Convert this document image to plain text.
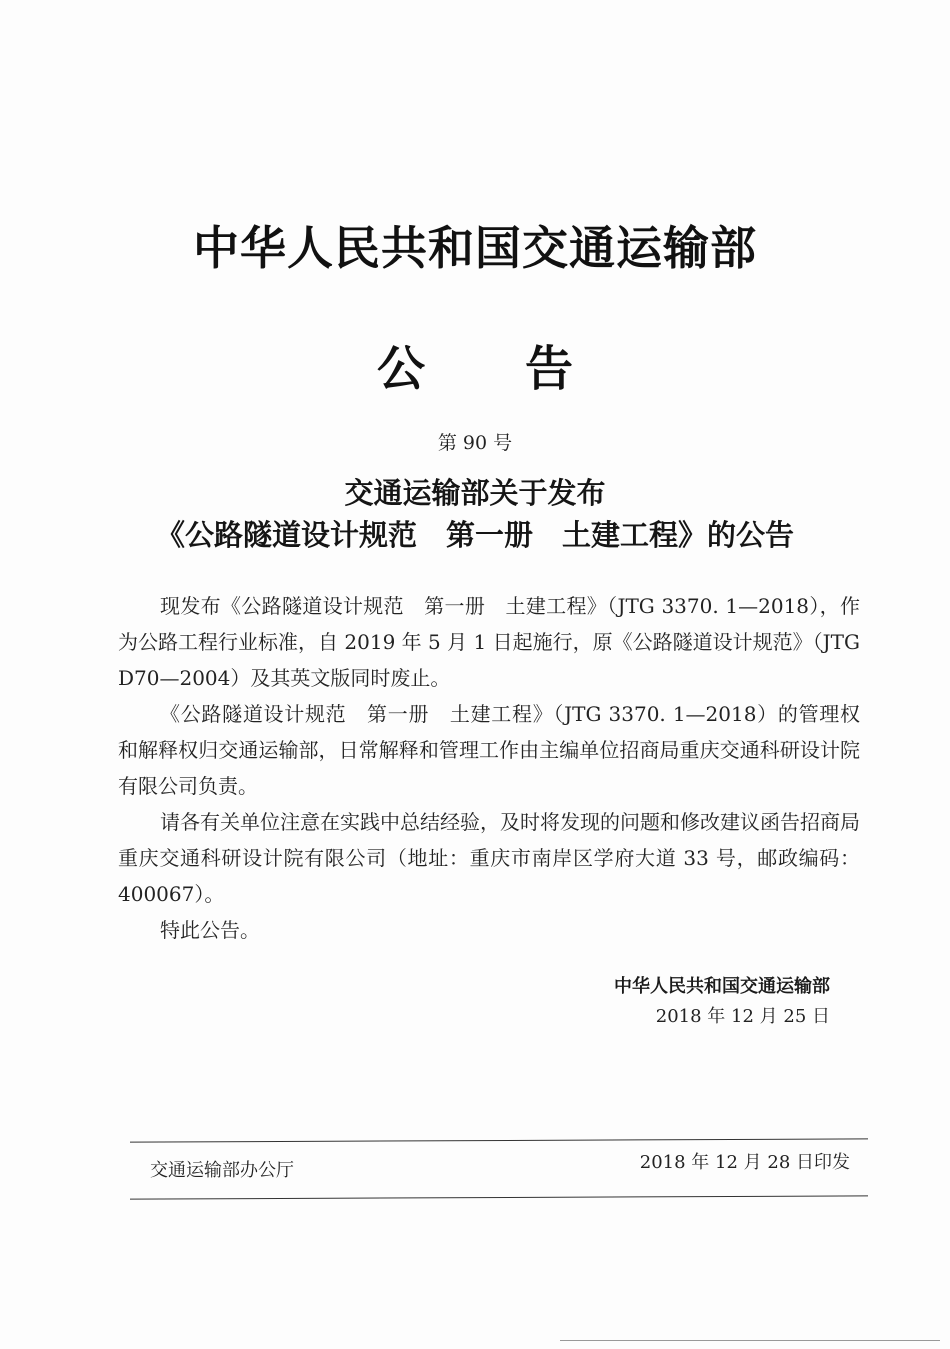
中华人民共和国交通运输部
公 告
第 90 号
交通运输部关于发布
《公路隧道设计规范　第一册　土建工程》的公告

现发布《公路隧道设计规范　第一册　土建工程》（JTG 3370. 1—2018），作为公路工程行业标准，自 2019 年 5 月 1 日起施行，原《公路隧道设计规范》（JTG D70—2004）及其英文版同时废止。

《公路隧道设计规范　第一册　土建工程》（JTG 3370. 1—2018）的管理权和解释权归交通运输部，日常解释和管理工作由主编单位招商局重庆交通科研设计院有限公司负责。

请各有关单位注意在实践中总结经验，及时将发现的问题和修改建议函告招商局重庆交通科研设计院有限公司（地址：重庆市南岸区学府大道 33 号，邮政编码：400067）。

特此公告。

中华人民共和国交通运输部
2018 年 12 月 25 日
交通运输部办公厅	2018 年 12 月 28 日印发
